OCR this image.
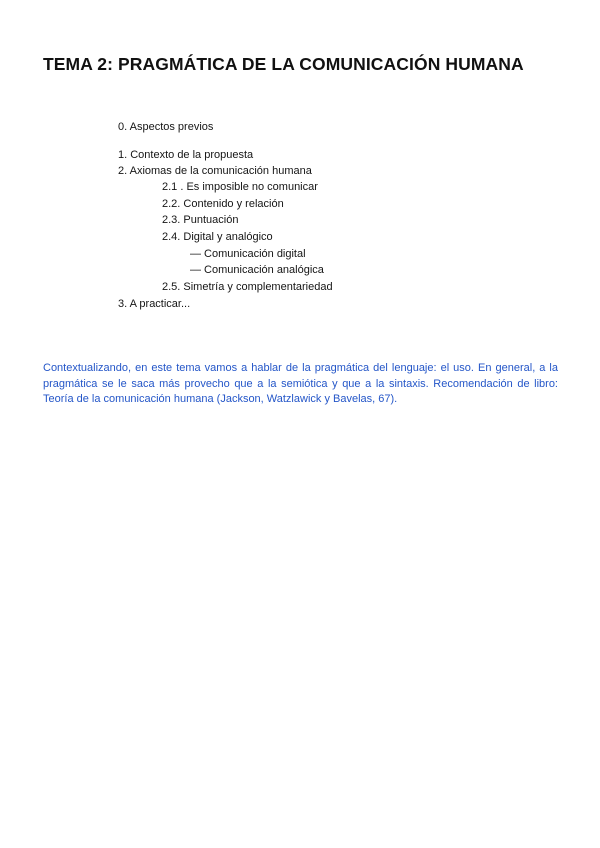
TEMA 2: PRAGMÁTICA DE LA COMUNICACIÓN HUMANA
0. Aspectos previos
1. Contexto de la propuesta
2. Axiomas de la comunicación humana
2.1 . Es imposible no comunicar
2.2. Contenido y relación
2.3. Puntuación
2.4. Digital y analógico
— Comunicación digital
— Comunicación analógica
2.5. Simetría y complementariedad
3. A practicar...

Contextualizando, en este tema vamos a hablar de la pragmática del lenguaje: el uso. En general, a la pragmática se le saca más provecho que a la semiótica y que a la sintaxis. Recomendación de libro: Teoría de la comunicación humana (Jackson, Watzlawick y Bavelas, 67).
